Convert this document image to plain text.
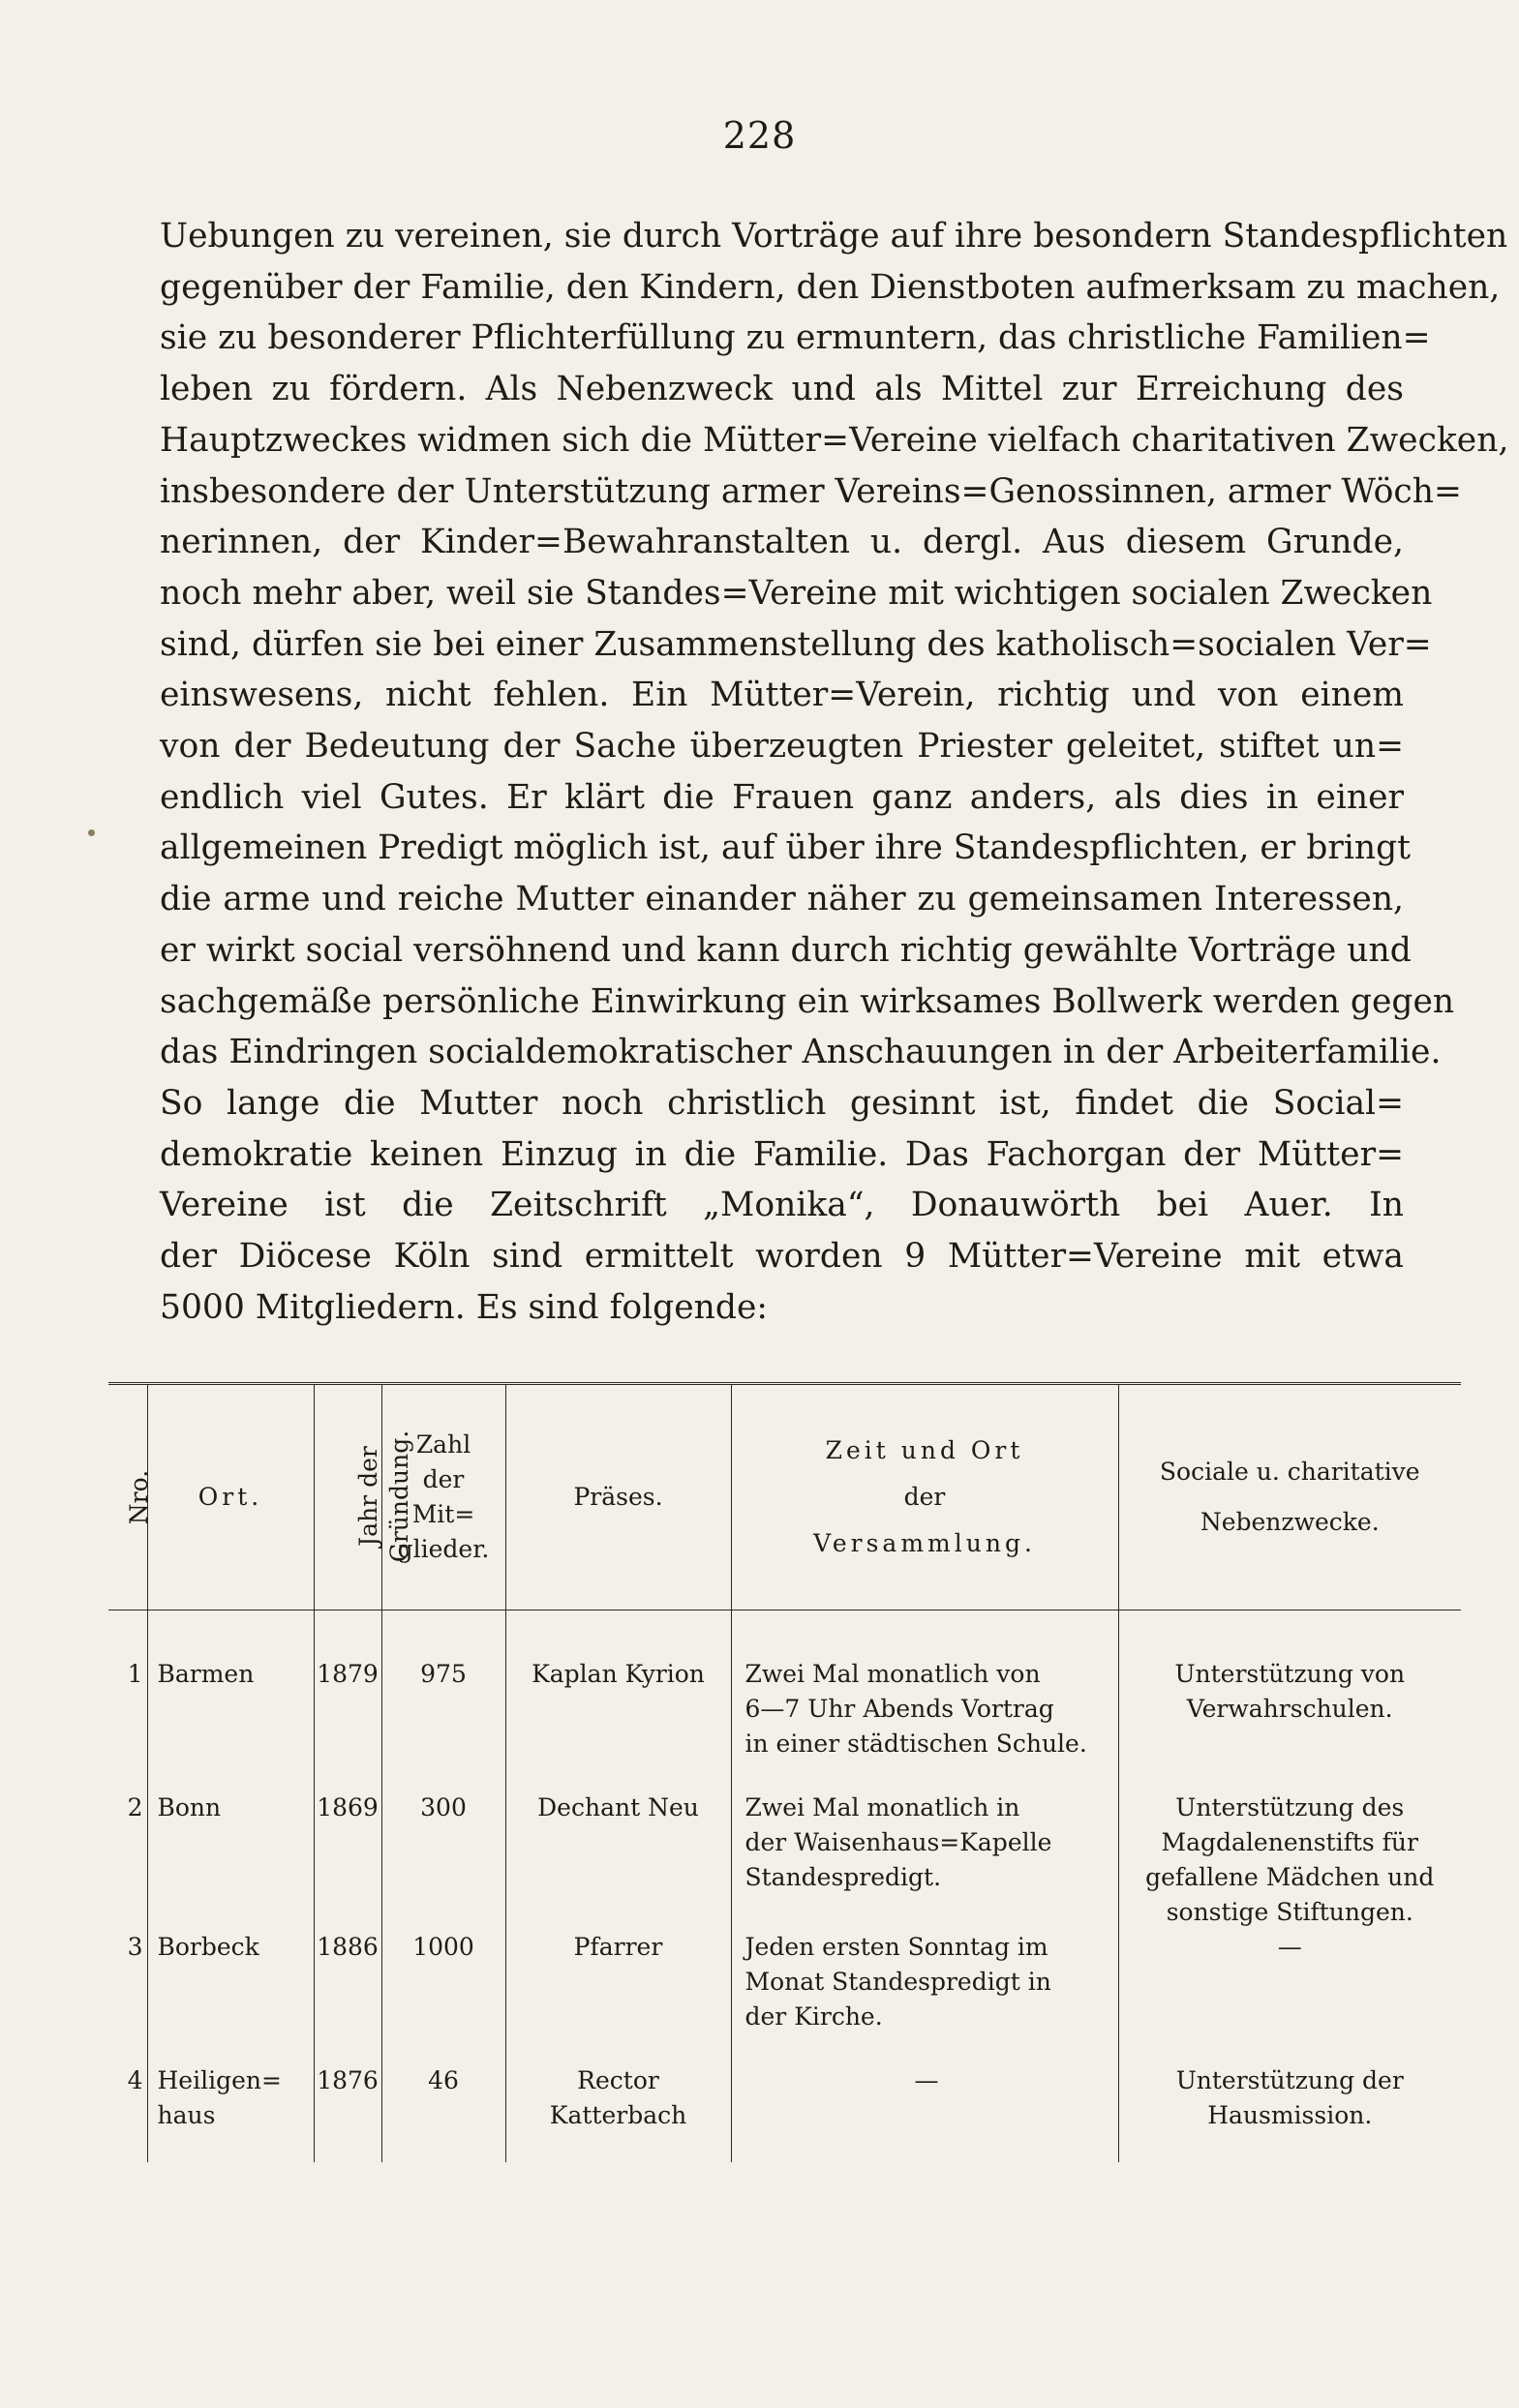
228
Uebungen zu vereinen, sie durch Vorträge auf ihre besondern Standespflichten
gegenüber der Familie, den Kindern, den Dienstboten aufmerksam zu machen,
sie zu besonderer Pflichterfüllung zu ermuntern, das christliche Familien=
leben zu fördern. Als Nebenzweck und als Mittel zur Erreichung des
Hauptzweckes widmen sich die Mütter=Vereine vielfach charitativen Zwecken,
insbesondere der Unterstützung armer Vereins=Genossinnen, armer Wöch=
nerinnen, der Kinder=Bewahranstalten u. dergl. Aus diesem Grunde,
noch mehr aber, weil sie Standes=Vereine mit wichtigen socialen Zwecken
sind, dürfen sie bei einer Zusammenstellung des katholisch=socialen Ver=
einswesens, nicht fehlen. Ein Mütter=Verein, richtig und von einem
von der Bedeutung der Sache überzeugten Priester geleitet, stiftet un=
endlich viel Gutes. Er klärt die Frauen ganz anders, als dies in einer
allgemeinen Predigt möglich ist, auf über ihre Standespflichten, er bringt
die arme und reiche Mutter einander näher zu gemeinsamen Interessen,
er wirkt social versöhnend und kann durch richtig gewählte Vorträge und
sachgemäße persönliche Einwirkung ein wirksames Bollwerk werden gegen
das Eindringen socialdemokratischer Anschauungen in der Arbeiterfamilie.
So lange die Mutter noch christlich gesinnt ist, findet die Social=
demokratie keinen Einzug in die Familie. Das Fachorgan der Mütter=
Vereine ist die Zeitschrift „Monika“, Donauwörth bei Auer. In
der Diöcese Köln sind ermittelt worden 9 Mütter=Vereine mit etwa
5000 Mitgliedern. Es sind folgende:
Nro.	Ort.	Jahr der Gründung.	Zahl
der
Mit=
glieder.	Präses.	Zeit und Ort
der
Versammlung.	Sociale u. charitative
Nebenzwecke.

1	Barmen	1879	975	Kaplan Kyrion	Zwei Mal monatlich von
6—7 Uhr Abends Vortrag
in einer städtischen Schule.	Unterstützung von
Verwahrschulen.

2	Bonn	1869	300	Dechant Neu	Zwei Mal monatlich in
der Waisenhaus=Kapelle
Standespredigt.	Unterstützung des
Magdalenenstifts für
gefallene Mädchen und
sonstige Stiftungen.

3	Borbeck	1886	1000	Pfarrer	Jeden ersten Sonntag im
Monat Standespredigt in
der Kirche.	—

4	Heiligen=
haus	1876	46	Rector
Katterbach	—	Unterstützung der
Hausmission.
